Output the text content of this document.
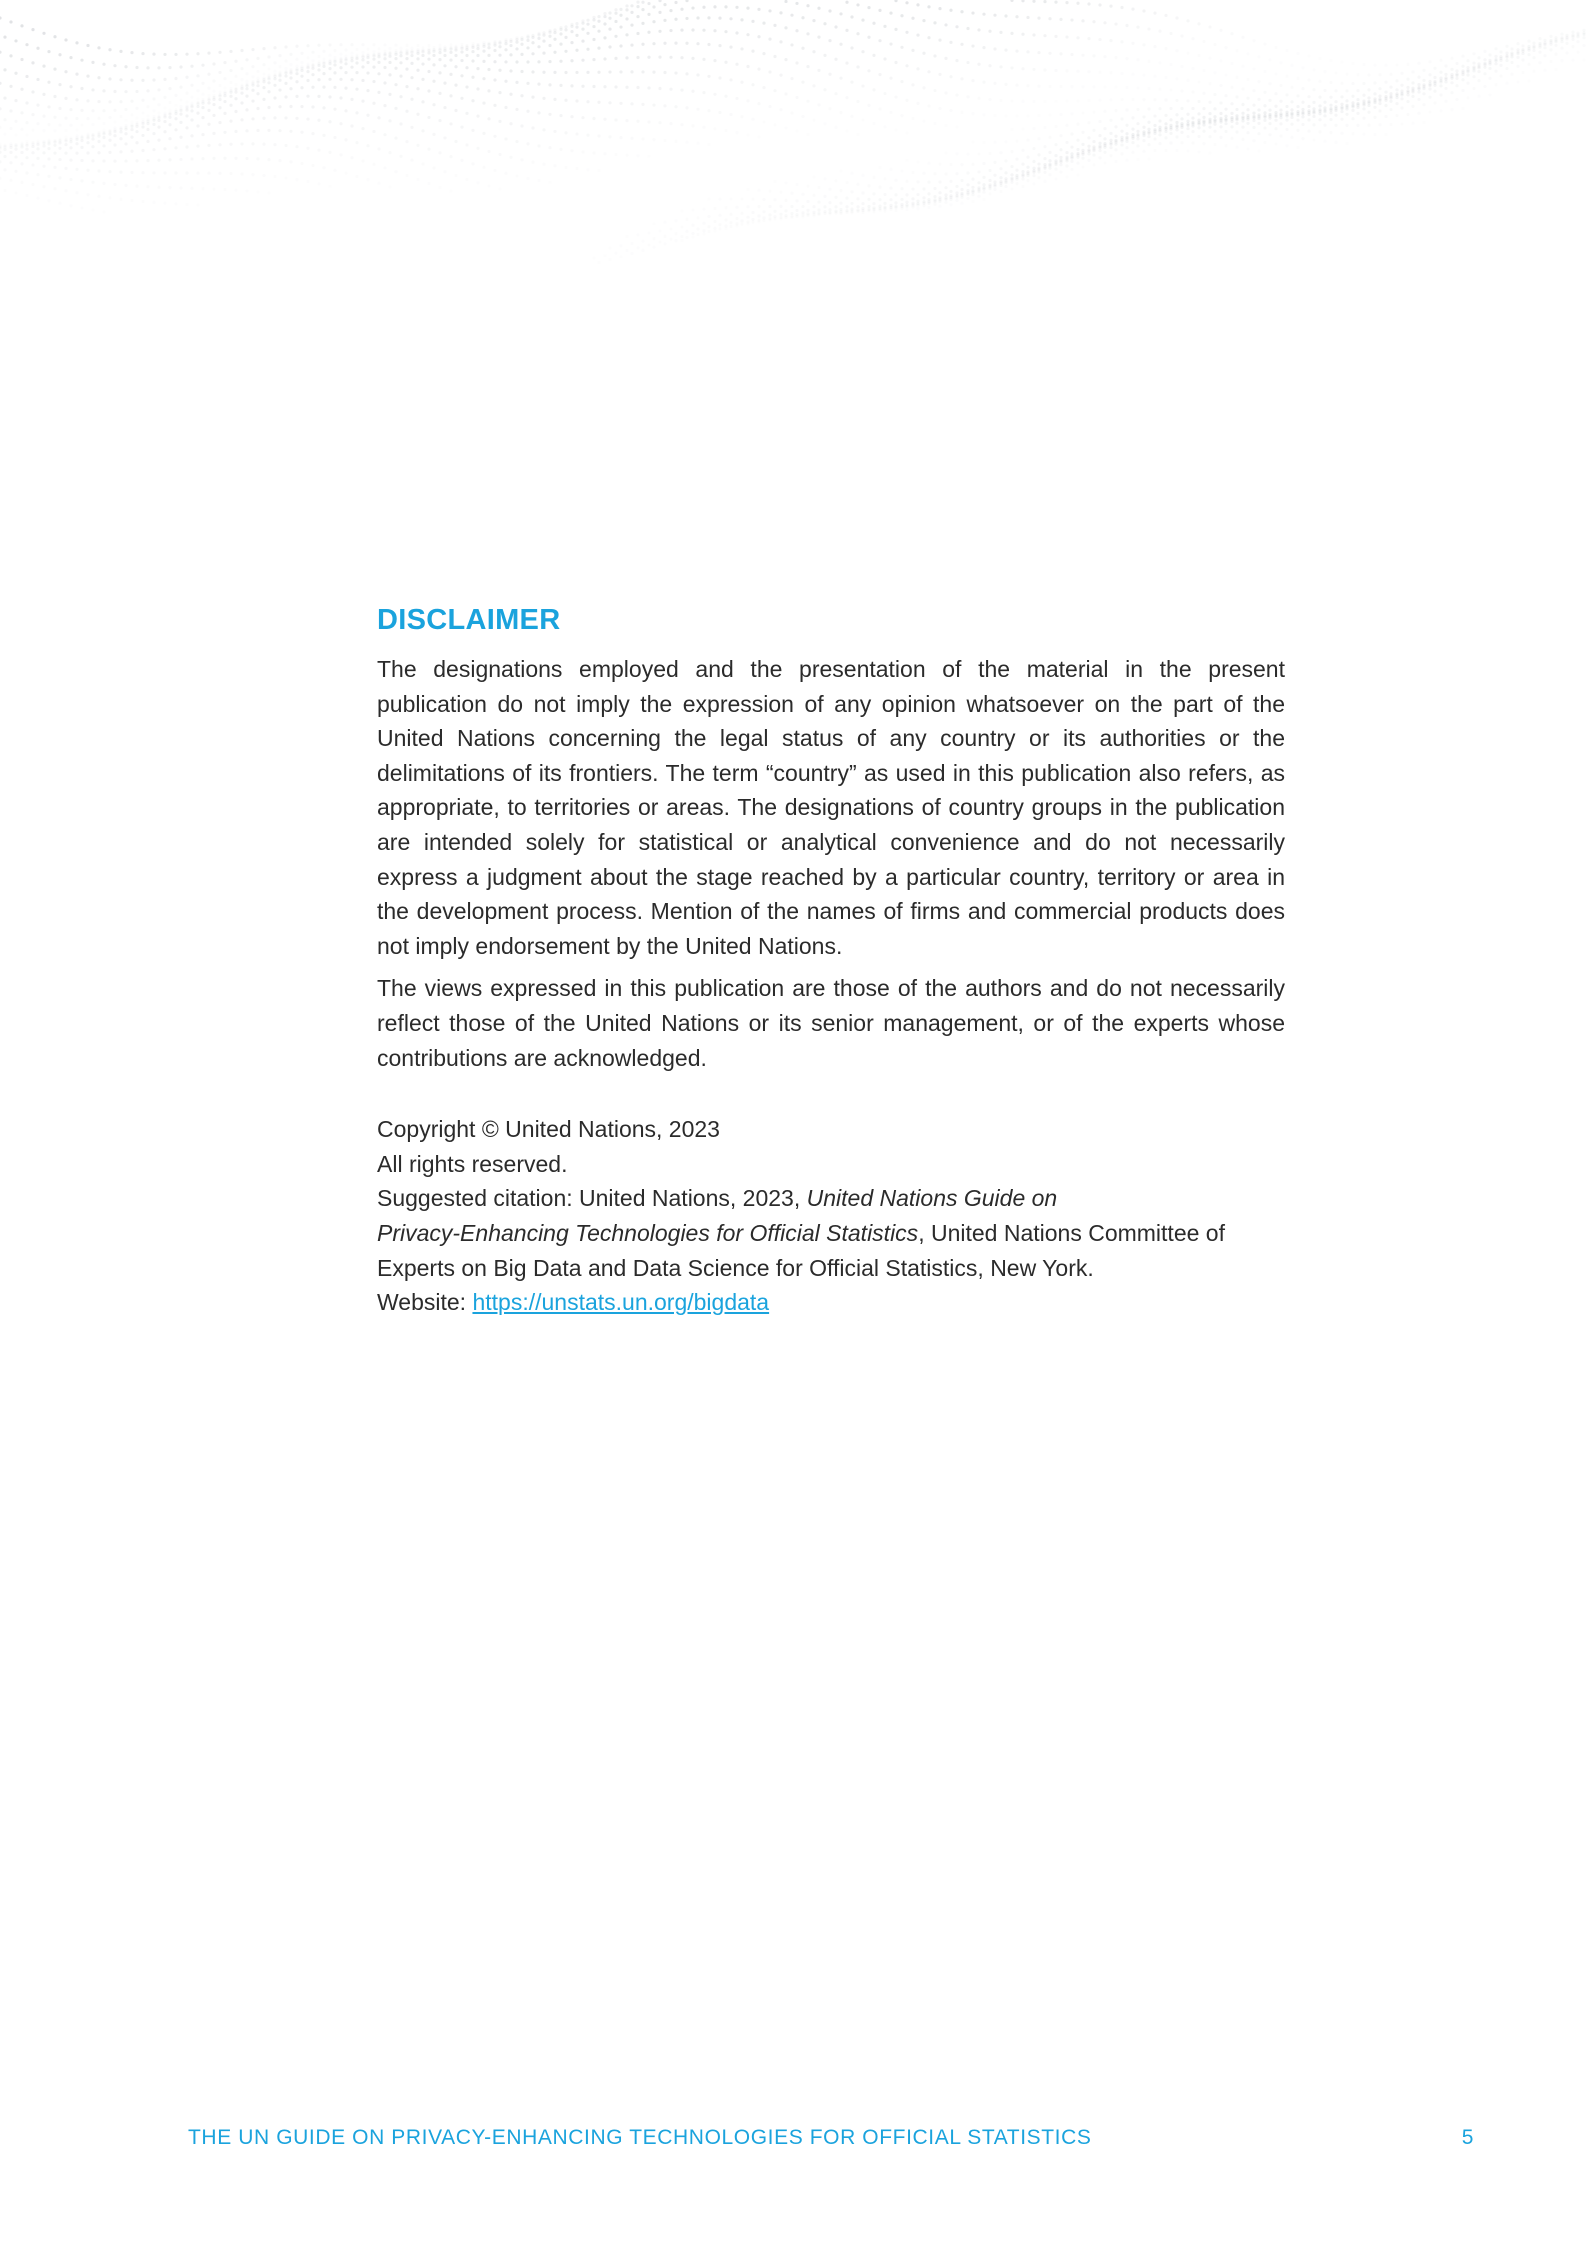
DISCLAIMER

The designations employed and the presentation of the material in the present publication do not imply the expression of any opinion whatsoever on the part of the United Nations concerning the legal status of any country or its authorities or the delimitations of its frontiers. The term “country” as used in this publication also refers, as appropriate, to territories or areas. The designations of country groups in the publication are intended solely for statistical or analytical convenience and do not necessarily express a judgment about the stage reached by a particular country, territory or area in the development process. Mention of the names of firms and commercial products does not imply endorsement by the United Nations.

The views expressed in this publication are those of the authors and do not necessarily reflect those of the United Nations or its senior management, or of the experts whose contributions are acknowledged.

Copyright © United Nations, 2023
All rights reserved.
Suggested citation: United Nations, 2023, United Nations Guide on
Privacy-Enhancing Technologies for Official Statistics, United Nations Committee of Experts on Big Data and Data Science for Official Statistics, New York.
Website: https://unstats.un.org/bigdata
THE UN GUIDE ON PRIVACY-ENHANCING TECHNOLOGIES FOR OFFICIAL STATISTICS	5
